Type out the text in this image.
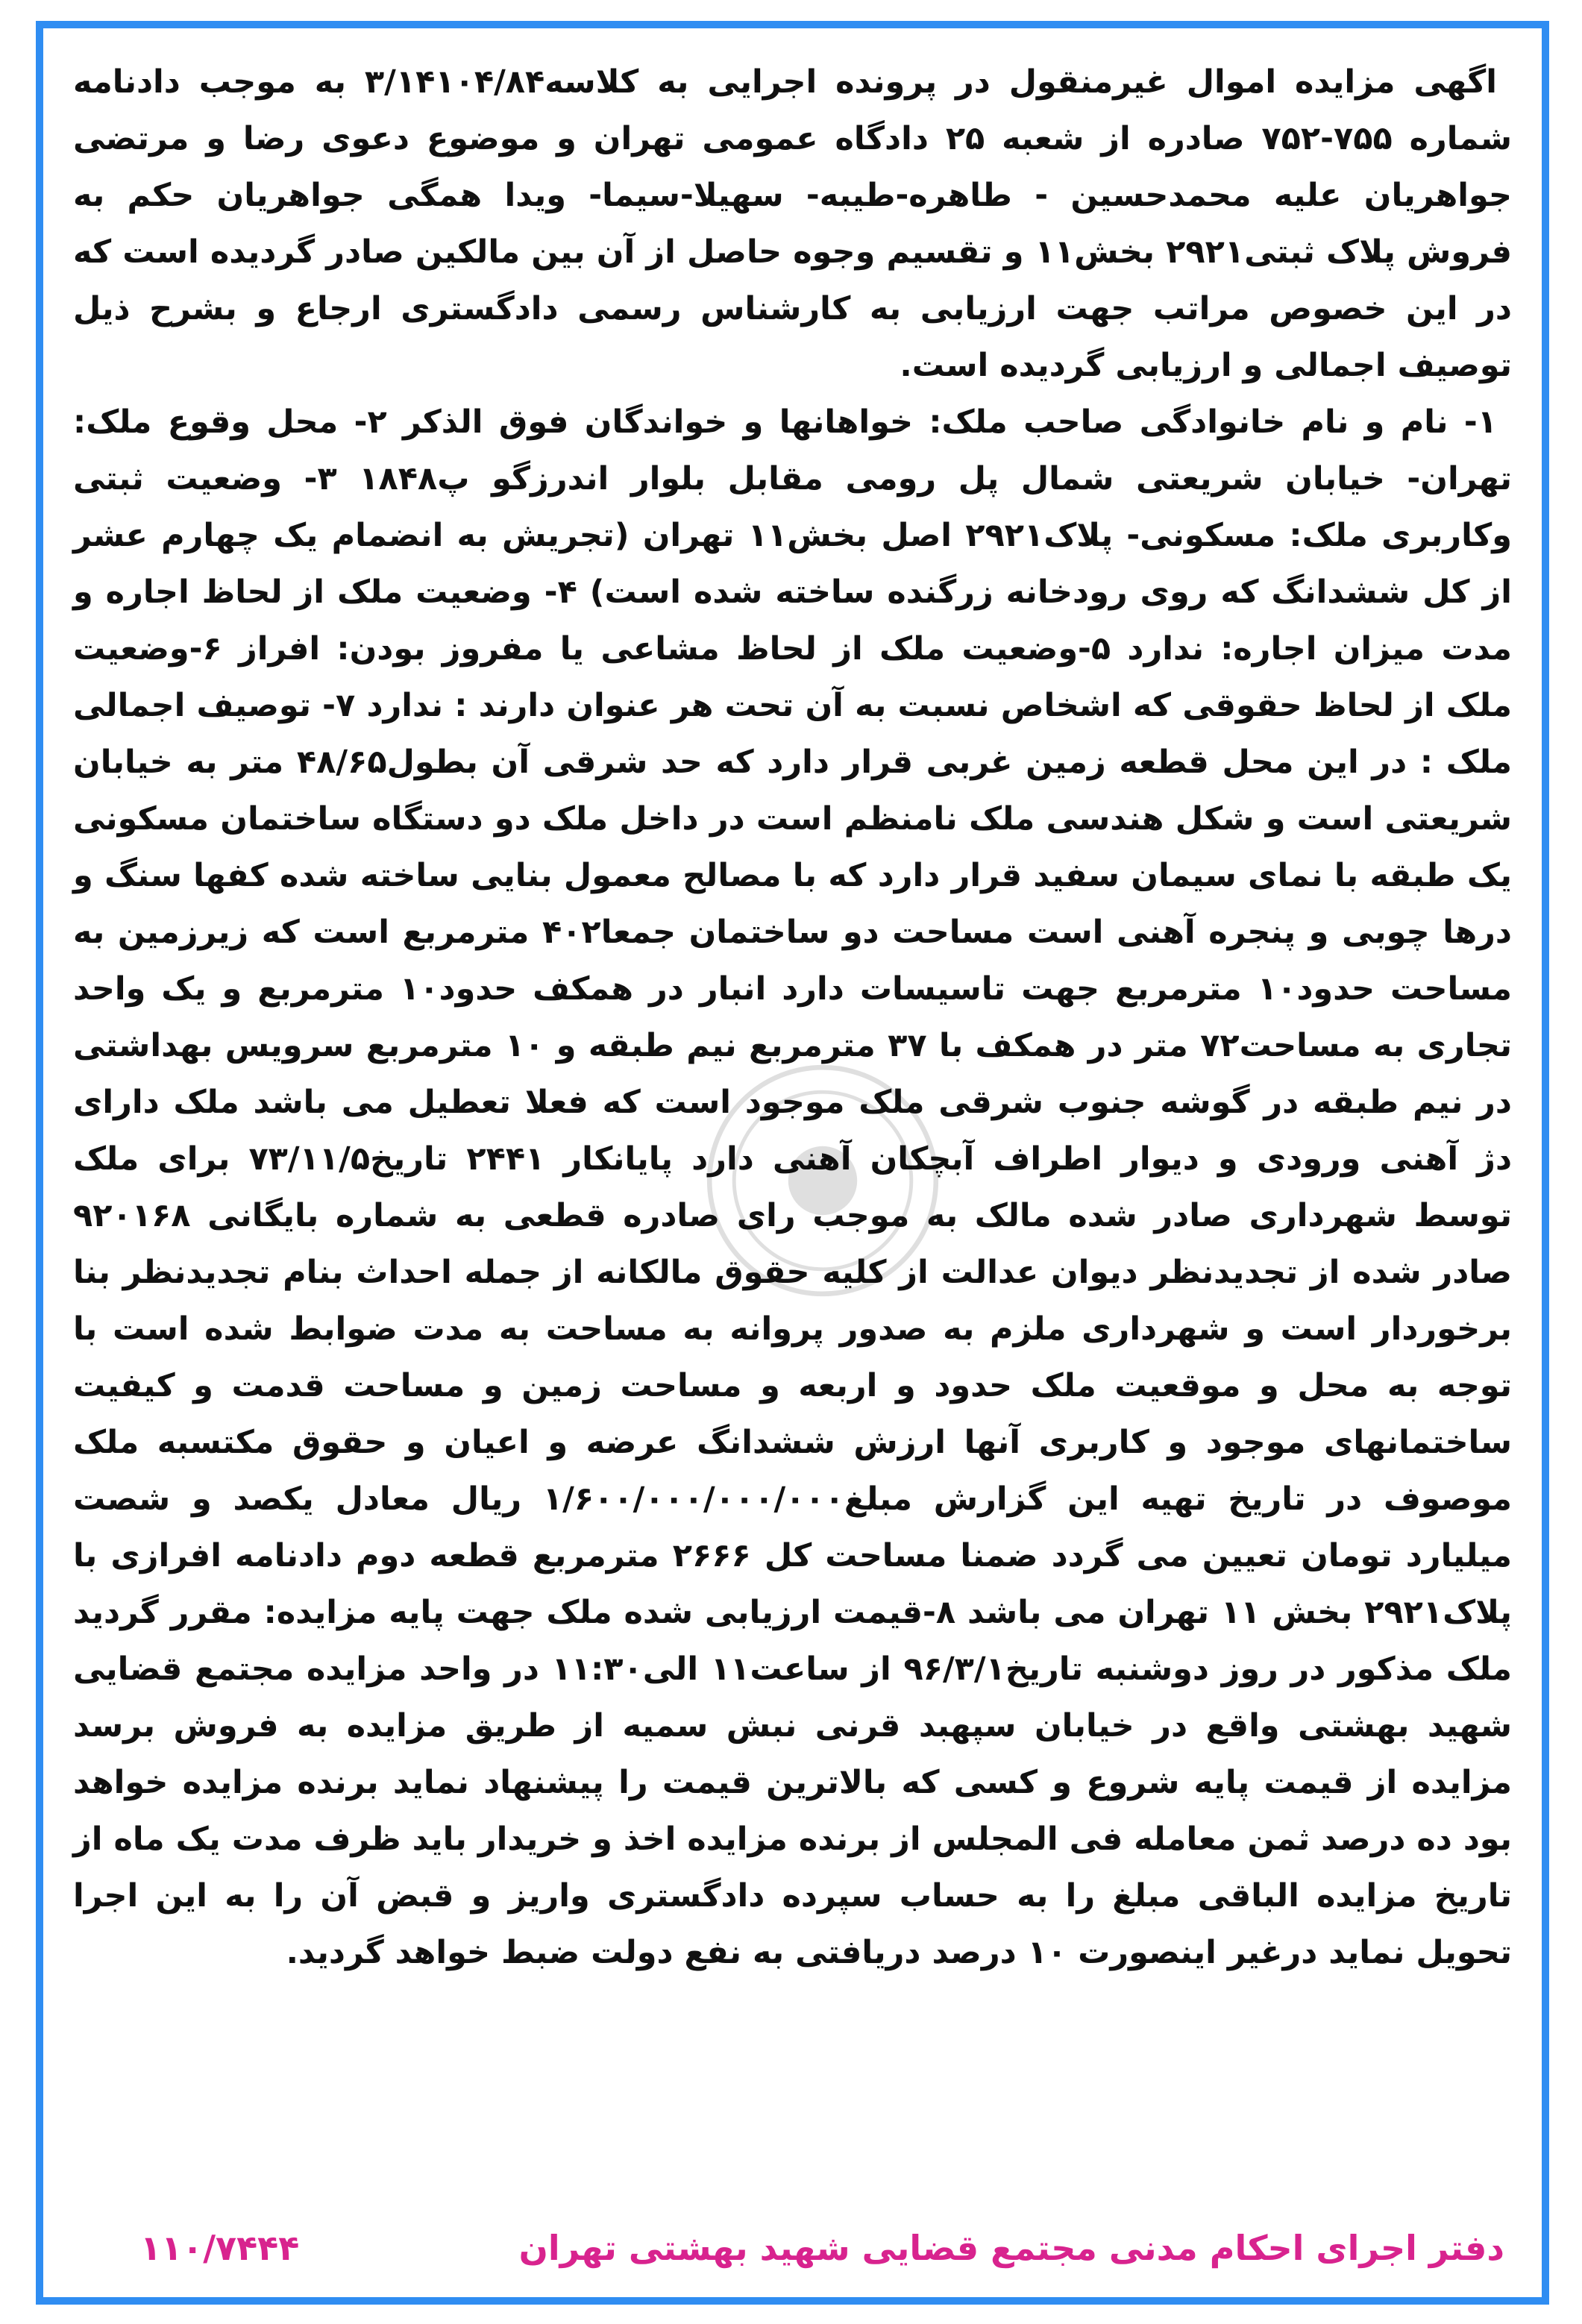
اگهی مزایده اموال غیرمنقول در پرونده اجرایی به کلاسه۳/۱۴۱۰۴/۸۴ به موجب دادنامه شماره ۷۵۵-۷۵۲ صادره از شعبه ۲۵ دادگاه عمومی تهران و موضوع دعوی رضا و مرتضی جواهریان علیه محمدحسین - طاهره-طیبه- سهیلا-سیما- ویدا همگی جواهریان حکم به فروش پلاک ثبتی۲۹۲۱ بخش۱۱ و تقسیم وجوه حاصل از آن بین مالکین صادر گردیده است که در این خصوص مراتب جهت ارزیابی به کارشناس رسمی دادگستری ارجاع و بشرح ذیل توصیف اجمالی و ارزیابی گردیده است.

۱- نام و نام خانوادگی صاحب ملک: خواهانها و خواندگان فوق الذکر ۲- محل وقوع ملک: تهران- خیابان شریعتی شمال پل رومی مقابل بلوار اندرزگو پ۱۸۴۸ ۳- وضعیت ثبتی وکاربری ملک: مسکونی- پلاک۲۹۲۱ اصل بخش۱۱ تهران (تجریش به انضمام یک چهارم عشر از کل ششدانگ که روی رودخانه زرگنده ساخته شده است) ۴- وضعیت ملک از لحاظ اجاره و مدت میزان اجاره: ندارد ۵-وضعیت ملک از لحاظ مشاعی یا مفروز بودن: افراز ۶-وضعیت ملک از لحاظ حقوقی که اشخاص نسبت به آن تحت هر عنوان دارند : ندارد ۷- توصیف اجمالی ملک : در این محل قطعه زمین غربی قرار دارد که حد شرقی آن بطول۴۸/۶۵ متر به خیابان شریعتی است و شکل هندسی ملک نامنظم است در داخل ملک دو دستگاه ساختمان مسکونی یک طبقه با نمای سیمان سفید قرار دارد که با مصالح معمول بنایی ساخته شده کفها سنگ و درها چوبی و پنجره آهنی است مساحت دو ساختمان جمعا۴۰۲ مترمربع است که زیرزمین به مساحت حدود۱۰ مترمربع جهت تاسیسات دارد انبار در همکف حدود۱۰ مترمربع و یک واحد تجاری به مساحت۷۲ متر در همکف با ۳۷ مترمربع نیم طبقه و ۱۰ مترمربع سرویس بهداشتی در نیم طبقه در گوشه جنوب شرقی ملک موجود است که فعلا تعطیل می باشد ملک دارای دژ آهنی ورودی و دیوار اطراف آبچکان آهنی دارد پایانکار ۲۴۴۱ تاریخ۷۳/۱۱/۵ برای ملک توسط شهرداری صادر شده مالک به موجب رای صادره قطعی به شماره بایگانی ۹۲۰۱۶۸ صادر شده از تجدیدنظر دیوان عدالت از کلیه حقوق مالکانه از جمله احداث بنام تجدیدنظر بنا برخوردار است و شهرداری ملزم به صدور پروانه به مساحت به مدت ضوابط شده است با توجه به محل و موقعیت ملک حدود و اربعه و مساحت زمین و مساحت قدمت و کیفیت ساختمانهای موجود و کاربری آنها ارزش ششدانگ عرضه و اعیان و حقوق مکتسبه ملک موصوف در تاریخ تهیه این گزارش مبلغ۱/۶۰۰/۰۰۰/۰۰۰/۰۰۰ ریال معادل یکصد و شصت میلیارد تومان تعیین می گردد ضمنا مساحت کل ۲۶۶۶ مترمربع قطعه دوم دادنامه افرازی با پلاک۲۹۲۱ بخش ۱۱ تهران می باشد ۸-قیمت ارزیابی شده ملک جهت پایه مزایده: مقرر گردید ملک مذکور در روز دوشنبه تاریخ۹۶/۳/۱ از ساعت۱۱ الی۱۱:۳۰ در واحد مزایده مجتمع قضایی شهید بهشتی واقع در خیابان سپهبد قرنی نبش سمیه از طریق مزایده به فروش برسد مزایده از قیمت پایه شروع و کسی که بالاترین قیمت را پیشنهاد نماید برنده مزایده خواهد بود ده درصد ثمن معامله فی المجلس از برنده مزایده اخذ و خریدار باید ظرف مدت یک ماه از تاریخ مزایده الباقی مبلغ را به حساب سپرده دادگستری واریز و قبض آن را به این اجرا تحویل نماید درغیر اینصورت ۱۰ درصد دریافتی به نفع دولت ضبط خواهد گردید.

دفتر اجرای احکام مدنی مجتمع قضایی شهید بهشتی تهران
۱۱۰/۷۴۴۴
